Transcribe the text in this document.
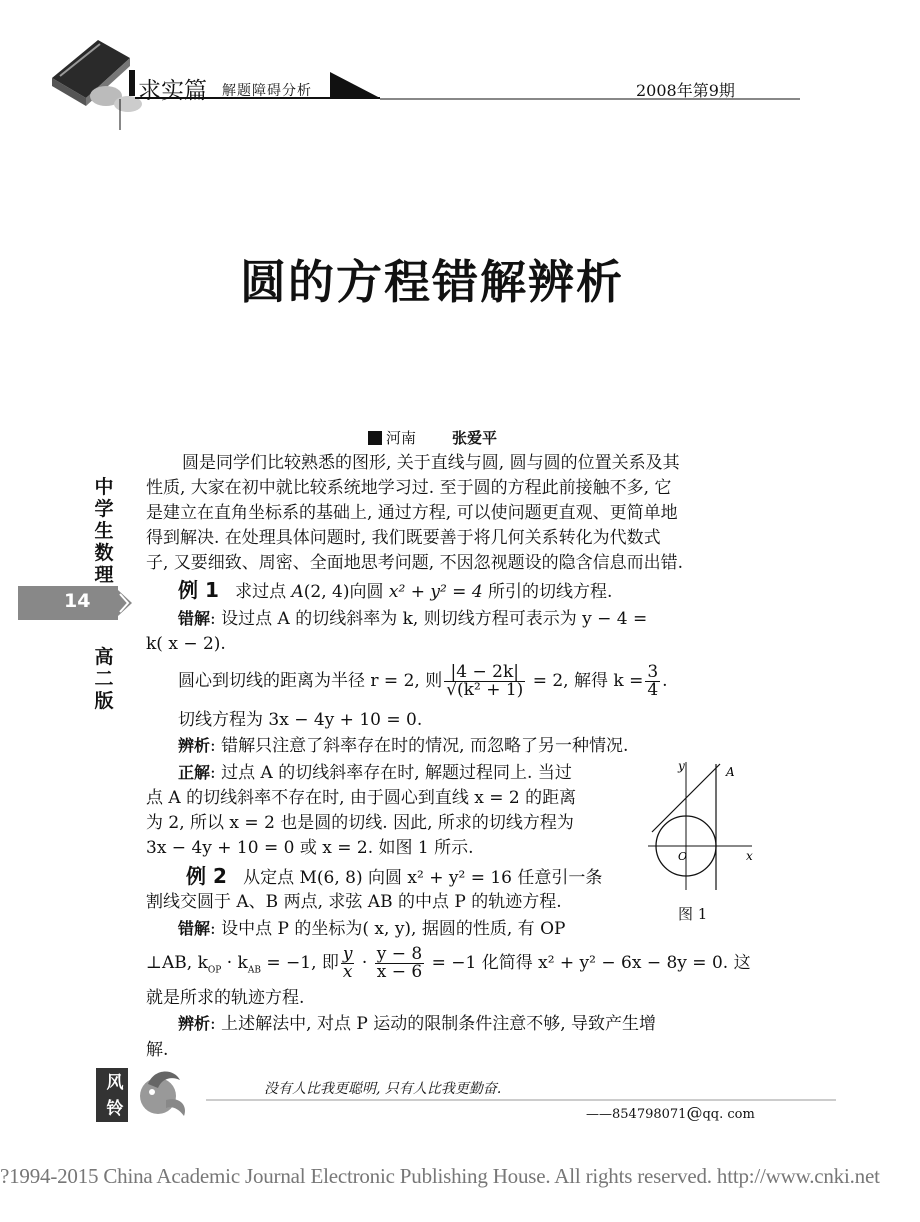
求实篇 解题障碍分析	2008年第9期
圆的方程错解辨析
河南 张爱平
中
学
生
数
理
高
二
版
14
圆是同学们比较熟悉的图形, 关于直线与圆, 圆与圆的位置关系及其
性质, 大家在初中就比较系统地学习过. 至于圆的方程此前接触不多, 它
是建立在直角坐标系的基础上, 通过方程, 可以使问题更直观、更简单地
得到解决. 在处理具体问题时, 我们既要善于将几何关系转化为代数式
子, 又要细致、周密、全面地思考问题, 不因忽视题设的隐含信息而出错.
例 1 求过点 A(2, 4)向圆 x² + y² = 4 所引的切线方程.
错解: 设过点 A 的切线斜率为 k, 则切线方程可表示为 y − 4 =
k( x − 2).
圆心到切线的距离为半径 r = 2, 则 $\frac{|4 - 2k|}{\text{√(k² + 1)}} = 2$, 解得 $k = \frac{3}{4}$ .
切线方程为 3x − 4y + 10 = 0.
辨析: 错解只注意了斜率存在时的情况, 而忽略了另一种情况.
正解: 过点 A 的切线斜率存在时, 解题过程同上. 当过
点 A 的切线斜率不存在时, 由于圆心到直线 x = 2 的距离
为 2, 所以 x = 2 也是圆的切线. 因此, 所求的切线方程为
3x − 4y + 10 = 0 或 x = 2. 如图 1 所示.
y	A
O	x
图 1
例 2 从定点 M(6, 8) 向圆 x² + y² = 16 任意引一条
割线交圆于 A、B 两点, 求弦 AB 的中点 P 的轨迹方程.
错解: 设中点 P 的坐标为( x, y), 据圆的性质, 有 OP
⊥AB, $k_{OP} \cdot k_{AB} = -1$, 即 $\frac{y}{x} \cdot \frac{y - 8}{x - 6} = -1$ 化简得 x² + y² − 6x − 8y = 0. 这
就是所求的轨迹方程.
辨析: 上述解法中, 对点 P 运动的限制条件注意不够, 导致产生增
解.
风
铃
没有人比我更聪明, 只有人比我更勤奋.
——854798071@qq. com
?1994-2015 China Academic Journal Electronic Publishing House. All rights reserved. http://www.cnki.net
